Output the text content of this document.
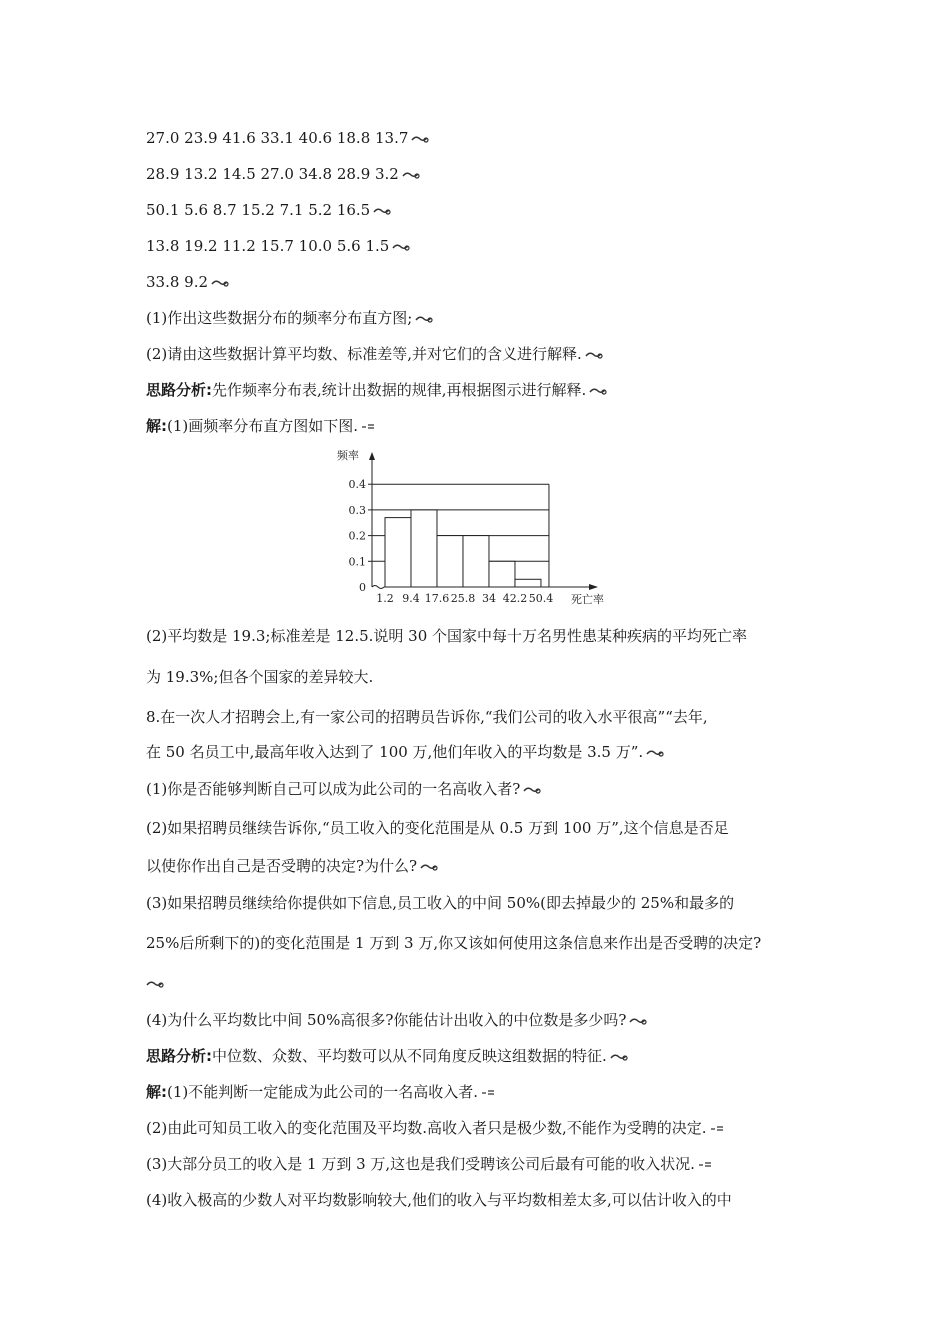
27.0 23.9 41.6 33.1 40.6 18.8 13.7
28.9 13.2 14.5 27.0 34.8 28.9 3.2
50.1 5.6 8.7 15.2 7.1 5.2 16.5
13.8 19.2 11.2 15.7 10.0 5.6 1.5
33.8 9.2
(1)作出这些数据分布的频率分布直方图;
(2)请由这些数据计算平均数、标准差等,并对它们的含义进行解释.
思路分析:先作频率分布表,统计出数据的规律,再根据图示进行解释.
解:(1)画频率分布直方图如下图.
频率
死亡率
0
0.1
0.2
0.3
0.4
1.2 9.4 17.6 25.8 34 42.2 50.4
(2)平均数是 19.3;标准差是 12.5.说明 30 个国家中每十万名男性患某种疾病的平均死亡率
为 19.3%;但各个国家的差异较大.
8.在一次人才招聘会上,有一家公司的招聘员告诉你,“我们公司的收入水平很高”“去年,
在 50 名员工中,最高年收入达到了 100 万,他们年收入的平均数是 3.5 万”.
(1)你是否能够判断自己可以成为此公司的一名高收入者?
(2)如果招聘员继续告诉你,“员工收入的变化范围是从 0.5 万到 100 万”,这个信息是否足
以使你作出自己是否受聘的决定?为什么?
(3)如果招聘员继续给你提供如下信息,员工收入的中间 50%(即去掉最少的 25%和最多的
25%后所剩下的)的变化范围是 1 万到 3 万,你又该如何使用这条信息来作出是否受聘的决定?
(4)为什么平均数比中间 50%高很多?你能估计出收入的中位数是多少吗?
思路分析:中位数、众数、平均数可以从不同角度反映这组数据的特征.
解:(1)不能判断一定能成为此公司的一名高收入者.
(2)由此可知员工收入的变化范围及平均数.高收入者只是极少数,不能作为受聘的决定.
(3)大部分员工的收入是 1 万到 3 万,这也是我们受聘该公司后最有可能的收入状况.
(4)收入极高的少数人对平均数影响较大,他们的收入与平均数相差太多,可以估计收入的中
